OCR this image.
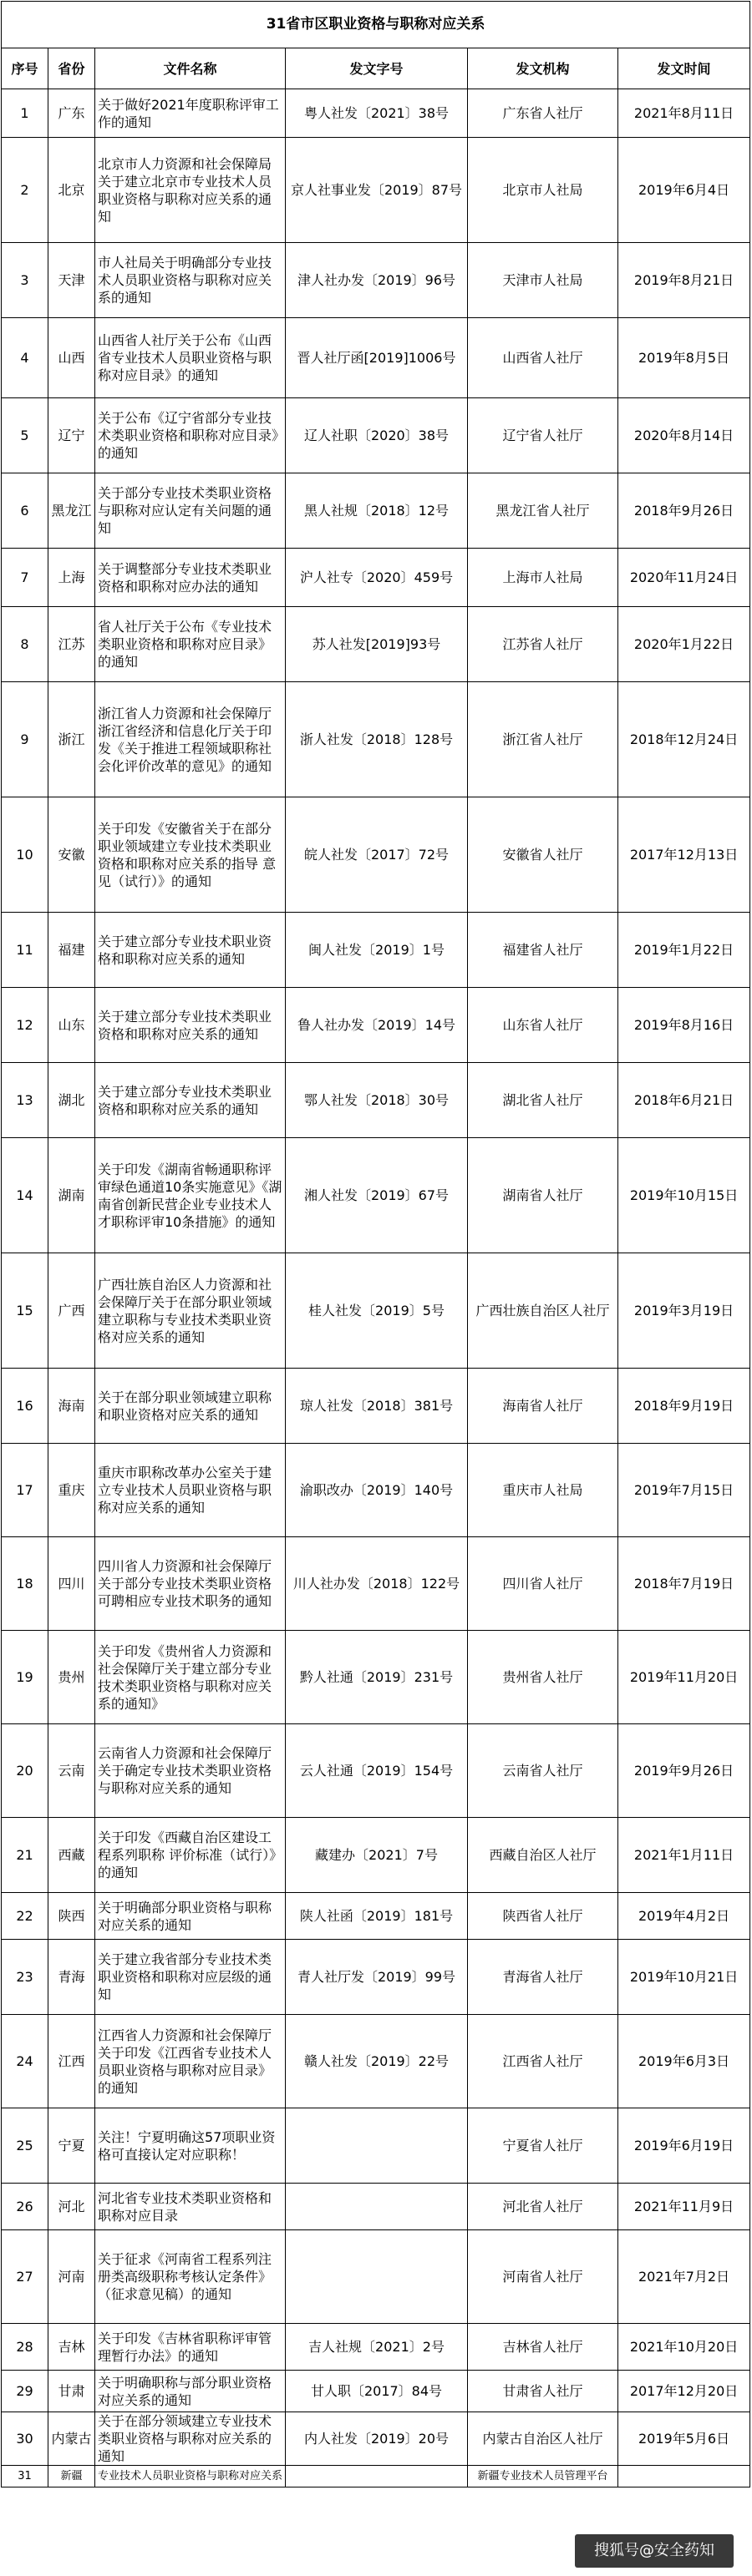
31省市区职业资格与职称对应关系					
序号	省份	文件名称	发文字号	发文机构	发文时间
1	广东	关于做好2021年度职称评审工作的通知	粤人社发〔2021〕38号	广东省人社厅	2021年8月11日
2	北京	北京市人力资源和社会保障局关于建立北京市专业技术人员职业资格与职称对应关系的通知	京人社事业发〔2019〕87号	北京市人社局	2019年6月4日
3	天津	市人社局关于明确部分专业技术人员职业资格与职称对应关系的通知	津人社办发〔2019〕96号	天津市人社局	2019年8月21日
4	山西	山西省人社厅关于公布《山西省专业技术人员职业资格与职称对应目录》的通知	晋人社厅函[2019]1006号	山西省人社厅	2019年8月5日
5	辽宁	关于公布《辽宁省部分专业技术类职业资格和职称对应目录》的通知	辽人社职〔2020〕38号	辽宁省人社厅	2020年8月14日
6	黑龙江	关于部分专业技术类职业资格与职称对应认定有关问题的通知	黑人社规〔2018〕12号	黑龙江省人社厅	2018年9月26日
7	上海	关于调整部分专业技术类职业资格和职称对应办法的通知	沪人社专〔2020〕459号	上海市人社局	2020年11月24日
8	江苏	省人社厅关于公布《专业技术类职业资格和职称对应目录》的通知	苏人社发[2019]93号	江苏省人社厅	2020年1月22日
9	浙江	浙江省人力资源和社会保障厅 浙江省经济和信息化厅关于印发《关于推进工程领域职称社会化评价改革的意见》的通知	浙人社发〔2018〕128号	浙江省人社厅	2018年12月24日
10	安徽	关于印发《安徽省关于在部分职业领域建立专业技术类职业资格和职称对应关系的指导 意见（试行）》的通知	皖人社发〔2017〕72号	安徽省人社厅	2017年12月13日
11	福建	关于建立部分专业技术职业资格和职称对应关系的通知	闽人社发〔2019〕1号	福建省人社厅	2019年1月22日
12	山东	关于建立部分专业技术类职业资格和职称对应关系的通知	鲁人社办发〔2019〕14号	山东省人社厅	2019年8月16日
13	湖北	关于建立部分专业技术类职业资格和职称对应关系的通知	鄂人社发〔2018〕30号	湖北省人社厅	2018年6月21日
14	湖南	关于印发《湖南省畅通职称评审绿色通道10条实施意见》《湖南省创新民营企业专业技术人才职称评审10条措施》的通知	湘人社发〔2019〕67号	湖南省人社厅	2019年10月15日
15	广西	广西壮族自治区人力资源和社会保障厅关于在部分职业领域建立职称与专业技术类职业资格对应关系的通知	桂人社发〔2019〕5号	广西壮族自治区人社厅	2019年3月19日
16	海南	关于在部分职业领域建立职称和职业资格对应关系的通知	琼人社发〔2018〕381号	海南省人社厅	2018年9月19日
17	重庆	重庆市职称改革办公室关于建立专业技术人员职业资格与职称对应关系的通知	渝职改办〔2019〕140号	重庆市人社局	2019年7月15日
18	四川	四川省人力资源和社会保障厅关于部分专业技术类职业资格可聘相应专业技术职务的通知	川人社办发〔2018〕122号	四川省人社厅	2018年7月19日
19	贵州	关于印发《贵州省人力资源和社会保障厅关于建立部分专业技术类职业资格与职称对应关系的通知》	黔人社通〔2019〕231号	贵州省人社厅	2019年11月20日
20	云南	云南省人力资源和社会保障厅关于确定专业技术类职业资格与职称对应关系的通知	云人社通〔2019〕154号	云南省人社厅	2019年9月26日
21	西藏	关于印发《西藏自治区建设工程系列职称 评价标准（试行）》的通知	藏建办〔2021〕7号	西藏自治区人社厅	2021年1月11日
22	陕西	关于明确部分职业资格与职称对应关系的通知	陕人社函〔2019〕181号	陕西省人社厅	2019年4月2日
23	青海	关于建立我省部分专业技术类职业资格和职称对应层级的通知	青人社厅发〔2019〕99号	青海省人社厅	2019年10月21日
24	江西	江西省人力资源和社会保障厅关于印发《江西省专业技术人员职业资格与职称对应目录》的通知	赣人社发〔2019〕22号	江西省人社厅	2019年6月3日
25	宁夏	关注！宁夏明确这57项职业资格可直接认定对应职称！		宁夏省人社厅	2019年6月19日
26	河北	河北省专业技术类职业资格和职称对应目录		河北省人社厅	2021年11月9日
27	河南	关于征求《河南省工程系列注册类高级职称考核认定条件》（征求意见稿）的通知		河南省人社厅	2021年7月2日
28	吉林	关于印发《吉林省职称评审管理暂行办法》的通知	吉人社规〔2021〕2号	吉林省人社厅	2021年10月20日
29	甘肃	关于明确职称与部分职业资格对应关系的通知	甘人职〔2017〕84号	甘肃省人社厅	2017年12月20日
30	内蒙古	关于在部分领域建立专业技术类职业资格与职称对应关系的通知	内人社发〔2019〕20号	内蒙古自治区人社厅	2019年5月6日
31	新疆	专业技术人员职业资格与职称对应关系		新疆专业技术人员管理平台	
搜狐号@安全药知
